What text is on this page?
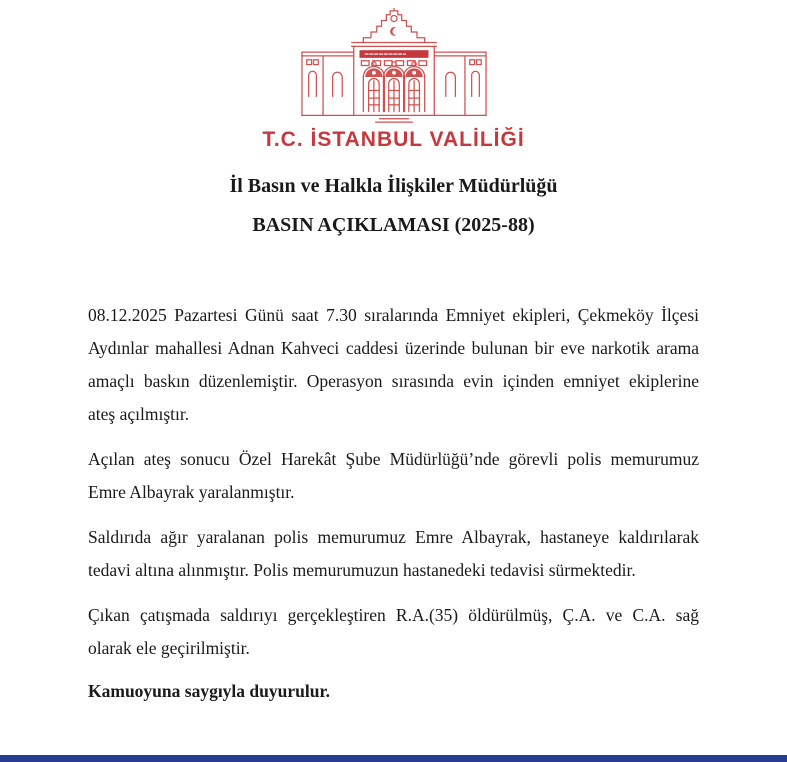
T.C. İSTANBUL VALİLİĞİ
İl Basın ve Halkla İlişkiler Müdürlüğü
BASIN AÇIKLAMASI (2025-88)
08.12.2025 Pazartesi Günü saat 7.30 sıralarında Emniyet ekipleri, Çekmeköy İlçesi
Aydınlar mahallesi Adnan Kahveci caddesi üzerinde bulunan bir eve narkotik arama
amaçlı baskın düzenlemiştir. Operasyon sırasında evin içinden emniyet ekiplerine
ateş açılmıştır.
Açılan ateş sonucu Özel Harekât Şube Müdürlüğü’nde görevli polis memurumuz
Emre Albayrak yaralanmıştır.
Saldırıda ağır yaralanan polis memurumuz Emre Albayrak, hastaneye kaldırılarak
tedavi altına alınmıştır. Polis memurumuzun hastanedeki tedavisi sürmektedir.
Çıkan çatışmada saldırıyı gerçekleştiren R.A.(35) öldürülmüş, Ç.A. ve C.A. sağ
olarak ele geçirilmiştir.
Kamuoyuna saygıyla duyurulur.
